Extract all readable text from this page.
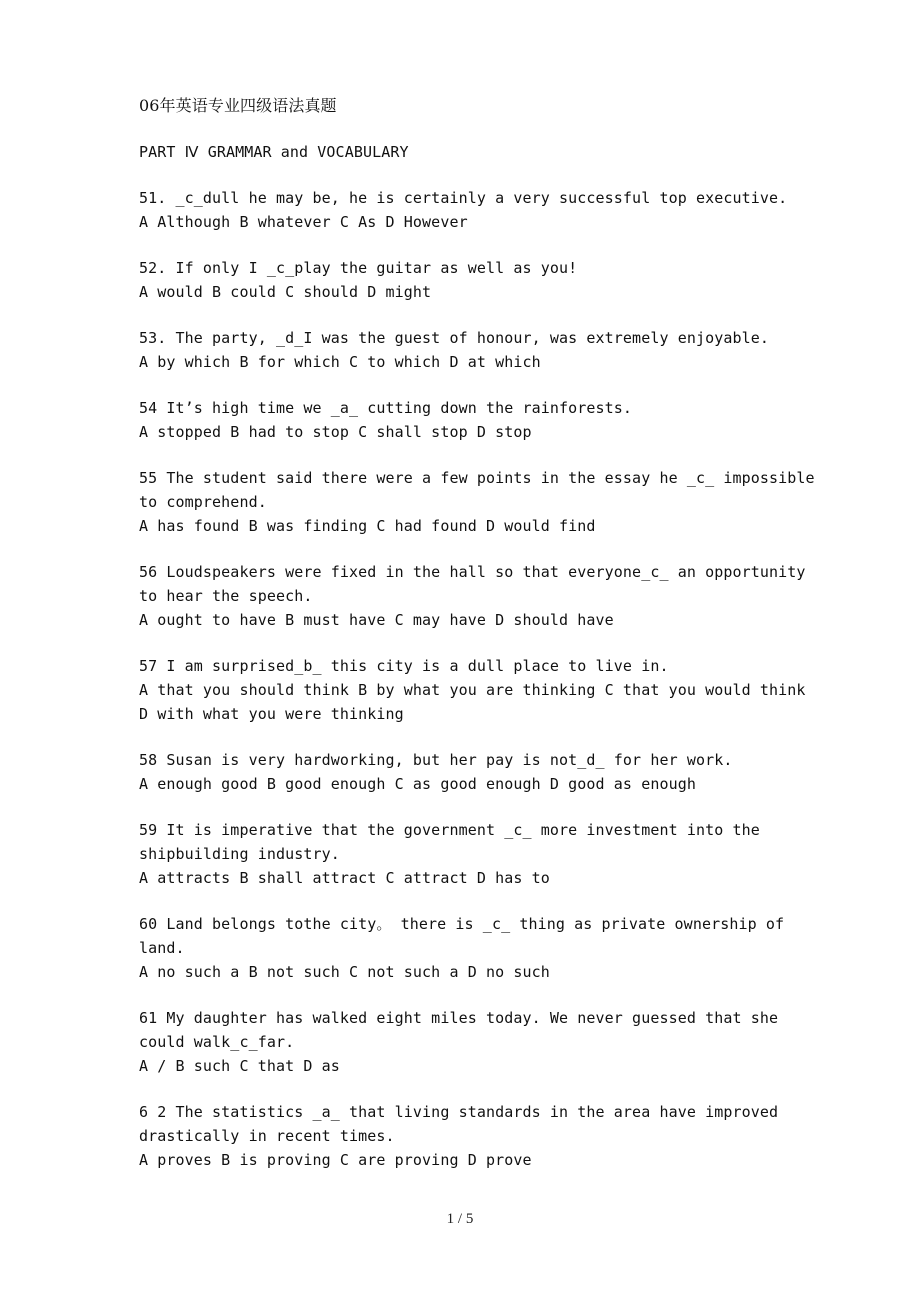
06年英语专业四级语法真题
PART Ⅳ GRAMMAR and VOCABULARY
51. _c_dull he may be, he is certainly a very successful top executive.
A Although B whatever C As D However
52. If only I _c_play the guitar as well as you!
A would B could C should D might
53. The party, _d_I was the guest of honour, was extremely enjoyable.
A by which B for which C to which D at which
54 It’s high time we _a_ cutting down the rainforests.
A stopped B had to stop C shall stop D stop
55 The student said there were a few points in the essay he _c_ impossible
to comprehend.
A has found B was finding C had found D would find
56 Loudspeakers were fixed in the hall so that everyone_c_ an opportunity
to hear the speech.
A ought to have B must have C may have D should have
57 I am surprised_b_ this city is a dull place to live in.
A that you should think B by what you are thinking C that you would think
D with what you were thinking
58 Susan is very hardworking, but her pay is not_d_ for her work.
A enough good B good enough C as good enough D good as enough
59 It is imperative that the government _c_ more investment into the
shipbuilding industry.
A attracts B shall attract C attract D has to
60 Land belongs tothe city。 there is _c_ thing as private ownership of
land.
A no such a B not such C not such a D no such
61 My daughter has walked eight miles today. We never guessed that she
could walk_c_far.
A / B such C that D as
6 2 The statistics _a_ that living standards in the area have improved
drastically in recent times.
A proves B is proving C are proving D prove
1 / 5
